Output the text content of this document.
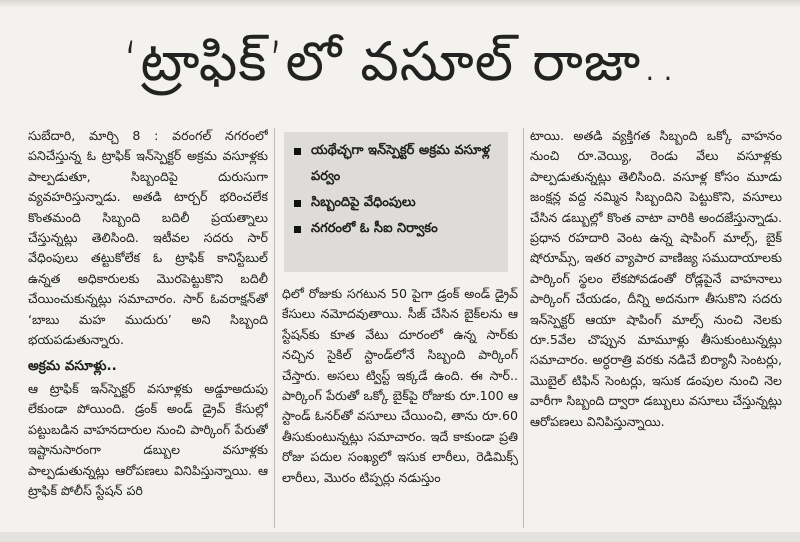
‘ట్రాఫిక్’లో వసూల్ రాజా..

సుబేదారి, మార్చి 8 : వరంగల్ నగరంలో పనిచేస్తున్న ఓ ట్రాఫిక్ ఇన్‌స్పెక్టర్ అక్రమ వసూళ్లకు పాల్పడుతూ, సిబ్బందిపై దురుసుగా వ్యవహరిస్తున్నాడు. అతడి టార్చర్ భరించలేక కొంతమంది సిబ్బంది బదిలీ ప్రయత్నాలు చేస్తున్నట్లు తెలిసింది. ఇటీవల సదరు సార్ వేధింపులు తట్టుకోలేక ఓ ట్రాఫిక్ కానిస్టేబుల్ ఉన్నత అధికారులకు మొరపెట్టుకొని బదిలీ చేయించుకున్నట్లు సమాచారం. సార్ ఓవరాక్షన్‌తో ‘బాబు మహ ముదురు’ అని సిబ్బంది భయపడుతున్నారు.

అక్రమ వసూళ్లు..

ఆ ట్రాఫిక్ ఇన్‌స్పెక్టర్ వసూళ్లకు అడ్డూఅదుపు లేకుండా పోయింది. డ్రంక్ అండ్ డ్రైవ్ కేసుల్లో పట్టుబడిన వాహనదారుల నుంచి పార్కింగ్ పేరుతో ఇష్టానుసారంగా డబ్బుల వసూళ్లకు పాల్పడుతున్నట్లు ఆరోపణలు వినిపిస్తున్నాయి. ఆ ట్రాఫిక్ పోలీస్ స్టేషన్ పరి

యథేచ్ఛగా ఇన్‌స్పెక్టర్ అక్రమ వసూళ్ల పర్వం
సిబ్బందిపై వేధింపులు
నగరంలో ఓ సీఐ నిర్వాకం

ధిలో రోజుకు సగటున 50 పైగా డ్రంక్ అండ్ డ్రైవ్ కేసులు నమోదవుతాయి. సీజ్ చేసిన బైక్‌లను ఆ స్టేషన్‌కు కూత వేటు దూరంలో ఉన్న సార్‌కు నచ్చిన సైకిల్ స్టాండ్‌లోనే సిబ్బంది పార్కింగ్ చేస్తారు. అసలు ట్విస్ట్ ఇక్కడే ఉంది. ఈ సార్.. పార్కింగ్ పేరుతో ఒక్కో బైక్‌పై రోజుకు రూ.100 ఆ స్టాండ్ ఓనర్‌తో వసూలు చేయించి, తాను రూ.60 తీసుకుంటున్నట్లు సమాచారం. ఇదే కాకుండా ప్రతి రోజు పదుల సంఖ్యలో ఇసుక లారీలు, రెడిమిక్స్ లారీలు, మొరం టిప్పర్లు నడుస్తుం

టాయి. అతడి వ్యక్తిగత సిబ్బంది ఒక్కో వాహనం నుంచి రూ.వెయ్యి, రెండు వేలు వసూళ్లకు పాల్పడుతున్నట్లు తెలిసింది. వసూళ్ల కోసం మూడు జంక్షన్ల వద్ద నమ్మిన సిబ్బందిని పెట్టుకొని, వసూలు చేసిన డబ్బుల్లో కొంత వాటా వారికి అందజేస్తున్నాడు. ప్రధాన రహదారి వెంట ఉన్న షాపింగ్ మాల్స్, బైక్ షోరూమ్స్, ఇతర వ్యాపార వాణిజ్య సముదాయాలకు పార్కింగ్ స్థలం లేకపోవడంతో రోడ్లపైనే వాహనాలు పార్కింగ్ చేయడం, దీన్ని అదనుగా తీసుకొని సదరు ఇన్‌స్పెక్టర్ ఆయా షాపింగ్ మాల్స్ నుంచి నెలకు రూ.5వేల చొప్పున మామూళ్లు తీసుకుంటున్నట్లు సమాచారం. అర్ధరాత్రి వరకు నడిచే బిర్యానీ సెంటర్లు, మొబైల్ టిఫిన్ సెంటర్లు, ఇసుక డంపుల నుంచి నెల వారీగా సిబ్బంది ద్వారా డబ్బులు వసూలు చేస్తున్నట్లు ఆరోపణలు వినిపిస్తున్నాయి.
